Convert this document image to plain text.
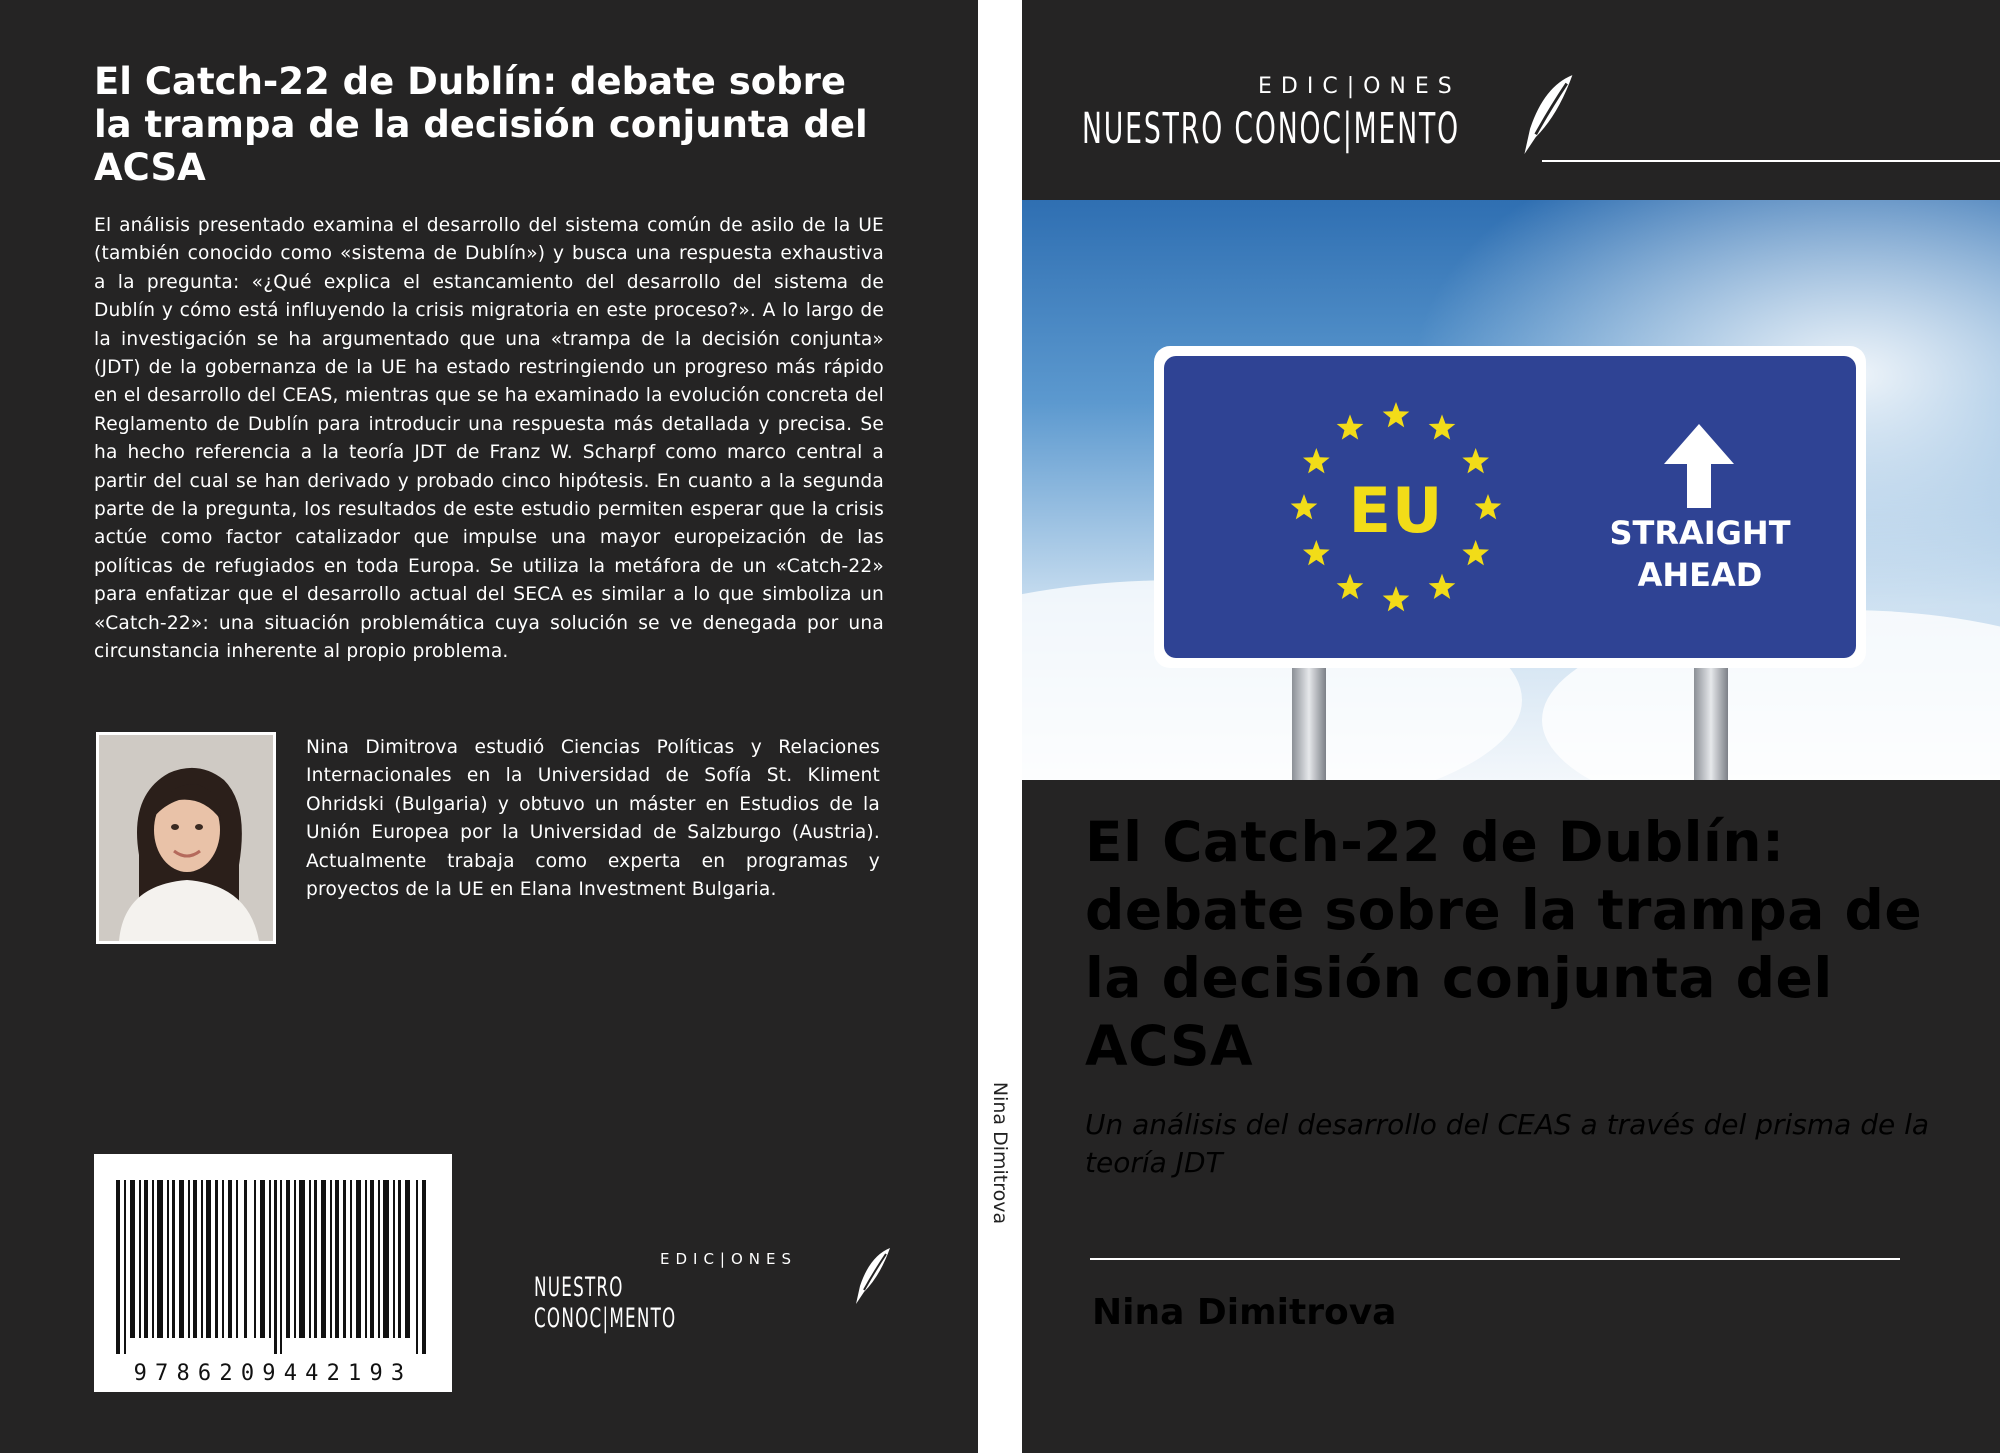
El Catch-22 de Dublín: debate sobre la trampa de la decisión conjunta del ACSA

El análisis presentado examina el desarrollo del sistema común de asilo de la UE (también conocido como «sistema de Dublín») y busca una respuesta exhaustiva a la pregunta: «¿Qué explica el estancamiento del desarrollo del sistema de Dublín y cómo está influyendo la crisis migratoria en este proceso?». A lo largo de la investigación se ha argumentado que una «trampa de la decisión conjunta» (JDT) de la gobernanza de la UE ha estado restringiendo un progreso más rápido en el desarrollo del CEAS, mientras que se ha examinado la evolución concreta del Reglamento de Dublín para introducir una respuesta más detallada y precisa. Se ha hecho referencia a la teoría JDT de Franz W. Scharpf como marco central a partir del cual se han derivado y probado cinco hipótesis. En cuanto a la segunda parte de la pregunta, los resultados de este estudio permiten esperar que la crisis actúe como factor catalizador que impulse una mayor europeización de las políticas de refugiados en toda Europa. Se utiliza la metáfora de un «Catch-22» para enfatizar que el desarrollo actual del SECA es similar a lo que simboliza un «Catch-22»: una situación problemática cuya solución se ve denegada por una circunstancia inherente al propio problema.

Nina Dimitrova estudió Ciencias Políticas y Relaciones Internacionales en la Universidad de Sofía St. Kliment Ohridski (Bulgaria) y obtuvo un máster en Estudios de la Unión Europea por la Universidad de Salzburgo (Austria). Actualmente trabaja como experta en programas y proyectos de la UE en Elana Investment Bulgaria.

9786209442193
EDIC|ONES
NUESTRO CONOC|MENTO
Nina Dimitrova
EDIC|ONES
NUESTRO CONOC|MENTO
EU	STRAIGHT
AHEAD
El Catch-22 de Dublín: debate sobre la trampa de la decisión conjunta del ACSA

Un análisis del desarrollo del CEAS a través del prisma de la teoría JDT

Nina Dimitrova
